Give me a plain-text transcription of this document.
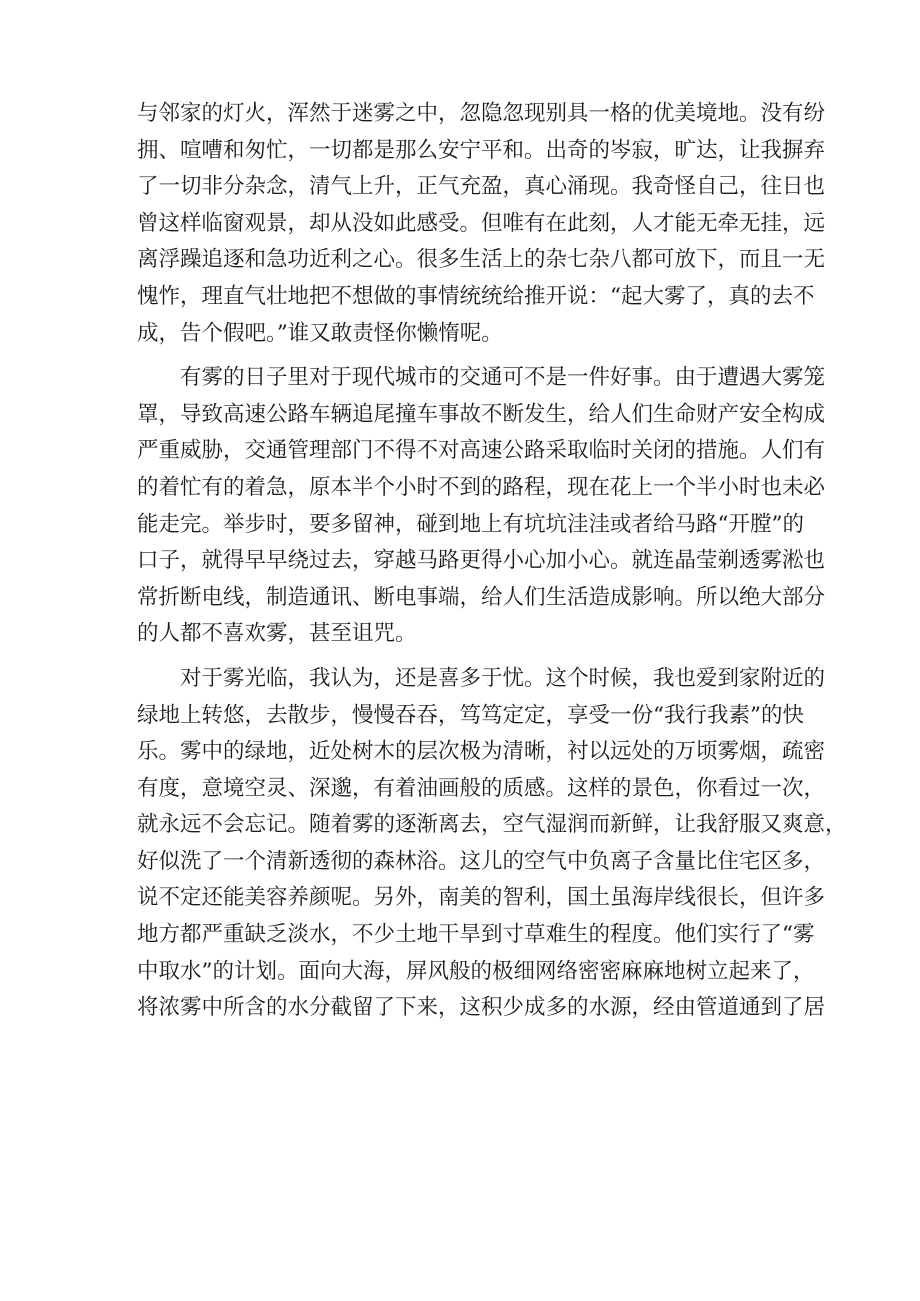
与邻家的灯火，浑然于迷雾之中，忽隐忽现别具一格的优美境地。没有纷
拥、喧嘈和匆忙，一切都是那么安宁平和。出奇的岑寂，旷达，让我摒弃
了一切非分杂念，清气上升，正气充盈，真心涌现。我奇怪自己，往日也
曾这样临窗观景，却从没如此感受。但唯有在此刻，人才能无牵无挂，远
离浮躁追逐和急功近利之心。很多生活上的杂七杂八都可放下，而且一无
愧怍，理直气壮地把不想做的事情统统给推开说：“起大雾了，真的去不
成，告个假吧。”谁又敢责怪你懒惰呢。
　　有雾的日子里对于现代城市的交通可不是一件好事。由于遭遇大雾笼
罩，导致高速公路车辆追尾撞车事故不断发生，给人们生命财产安全构成
严重威胁，交通管理部门不得不对高速公路采取临时关闭的措施。人们有
的着忙有的着急，原本半个小时不到的路程，现在花上一个半小时也未必
能走完。举步时，要多留神，碰到地上有坑坑洼洼或者给马路“开膛”的
口子，就得早早绕过去，穿越马路更得小心加小心。就连晶莹剃透雾淞也
常折断电线，制造通讯、断电事端，给人们生活造成影响。所以绝大部分
的人都不喜欢雾，甚至诅咒。
　　对于雾光临，我认为，还是喜多于忧。这个时候，我也爱到家附近的
绿地上转悠，去散步，慢慢吞吞，笃笃定定，享受一份“我行我素”的快
乐。雾中的绿地，近处树木的层次极为清晰，衬以远处的万顷雾烟，疏密
有度，意境空灵、深邈，有着油画般的质感。这样的景色，你看过一次，
就永远不会忘记。随着雾的逐渐离去，空气湿润而新鲜，让我舒服又爽意，
好似洗了一个清新透彻的森林浴。这儿的空气中负离子含量比住宅区多，
说不定还能美容养颜呢。另外，南美的智利，国土虽海岸线很长，但许多
地方都严重缺乏淡水，不少土地干旱到寸草难生的程度。他们实行了“雾
中取水”的计划。面向大海，屏风般的极细网络密密麻麻地树立起来了，
将浓雾中所含的水分截留了下来，这积少成多的水源，经由管道通到了居
